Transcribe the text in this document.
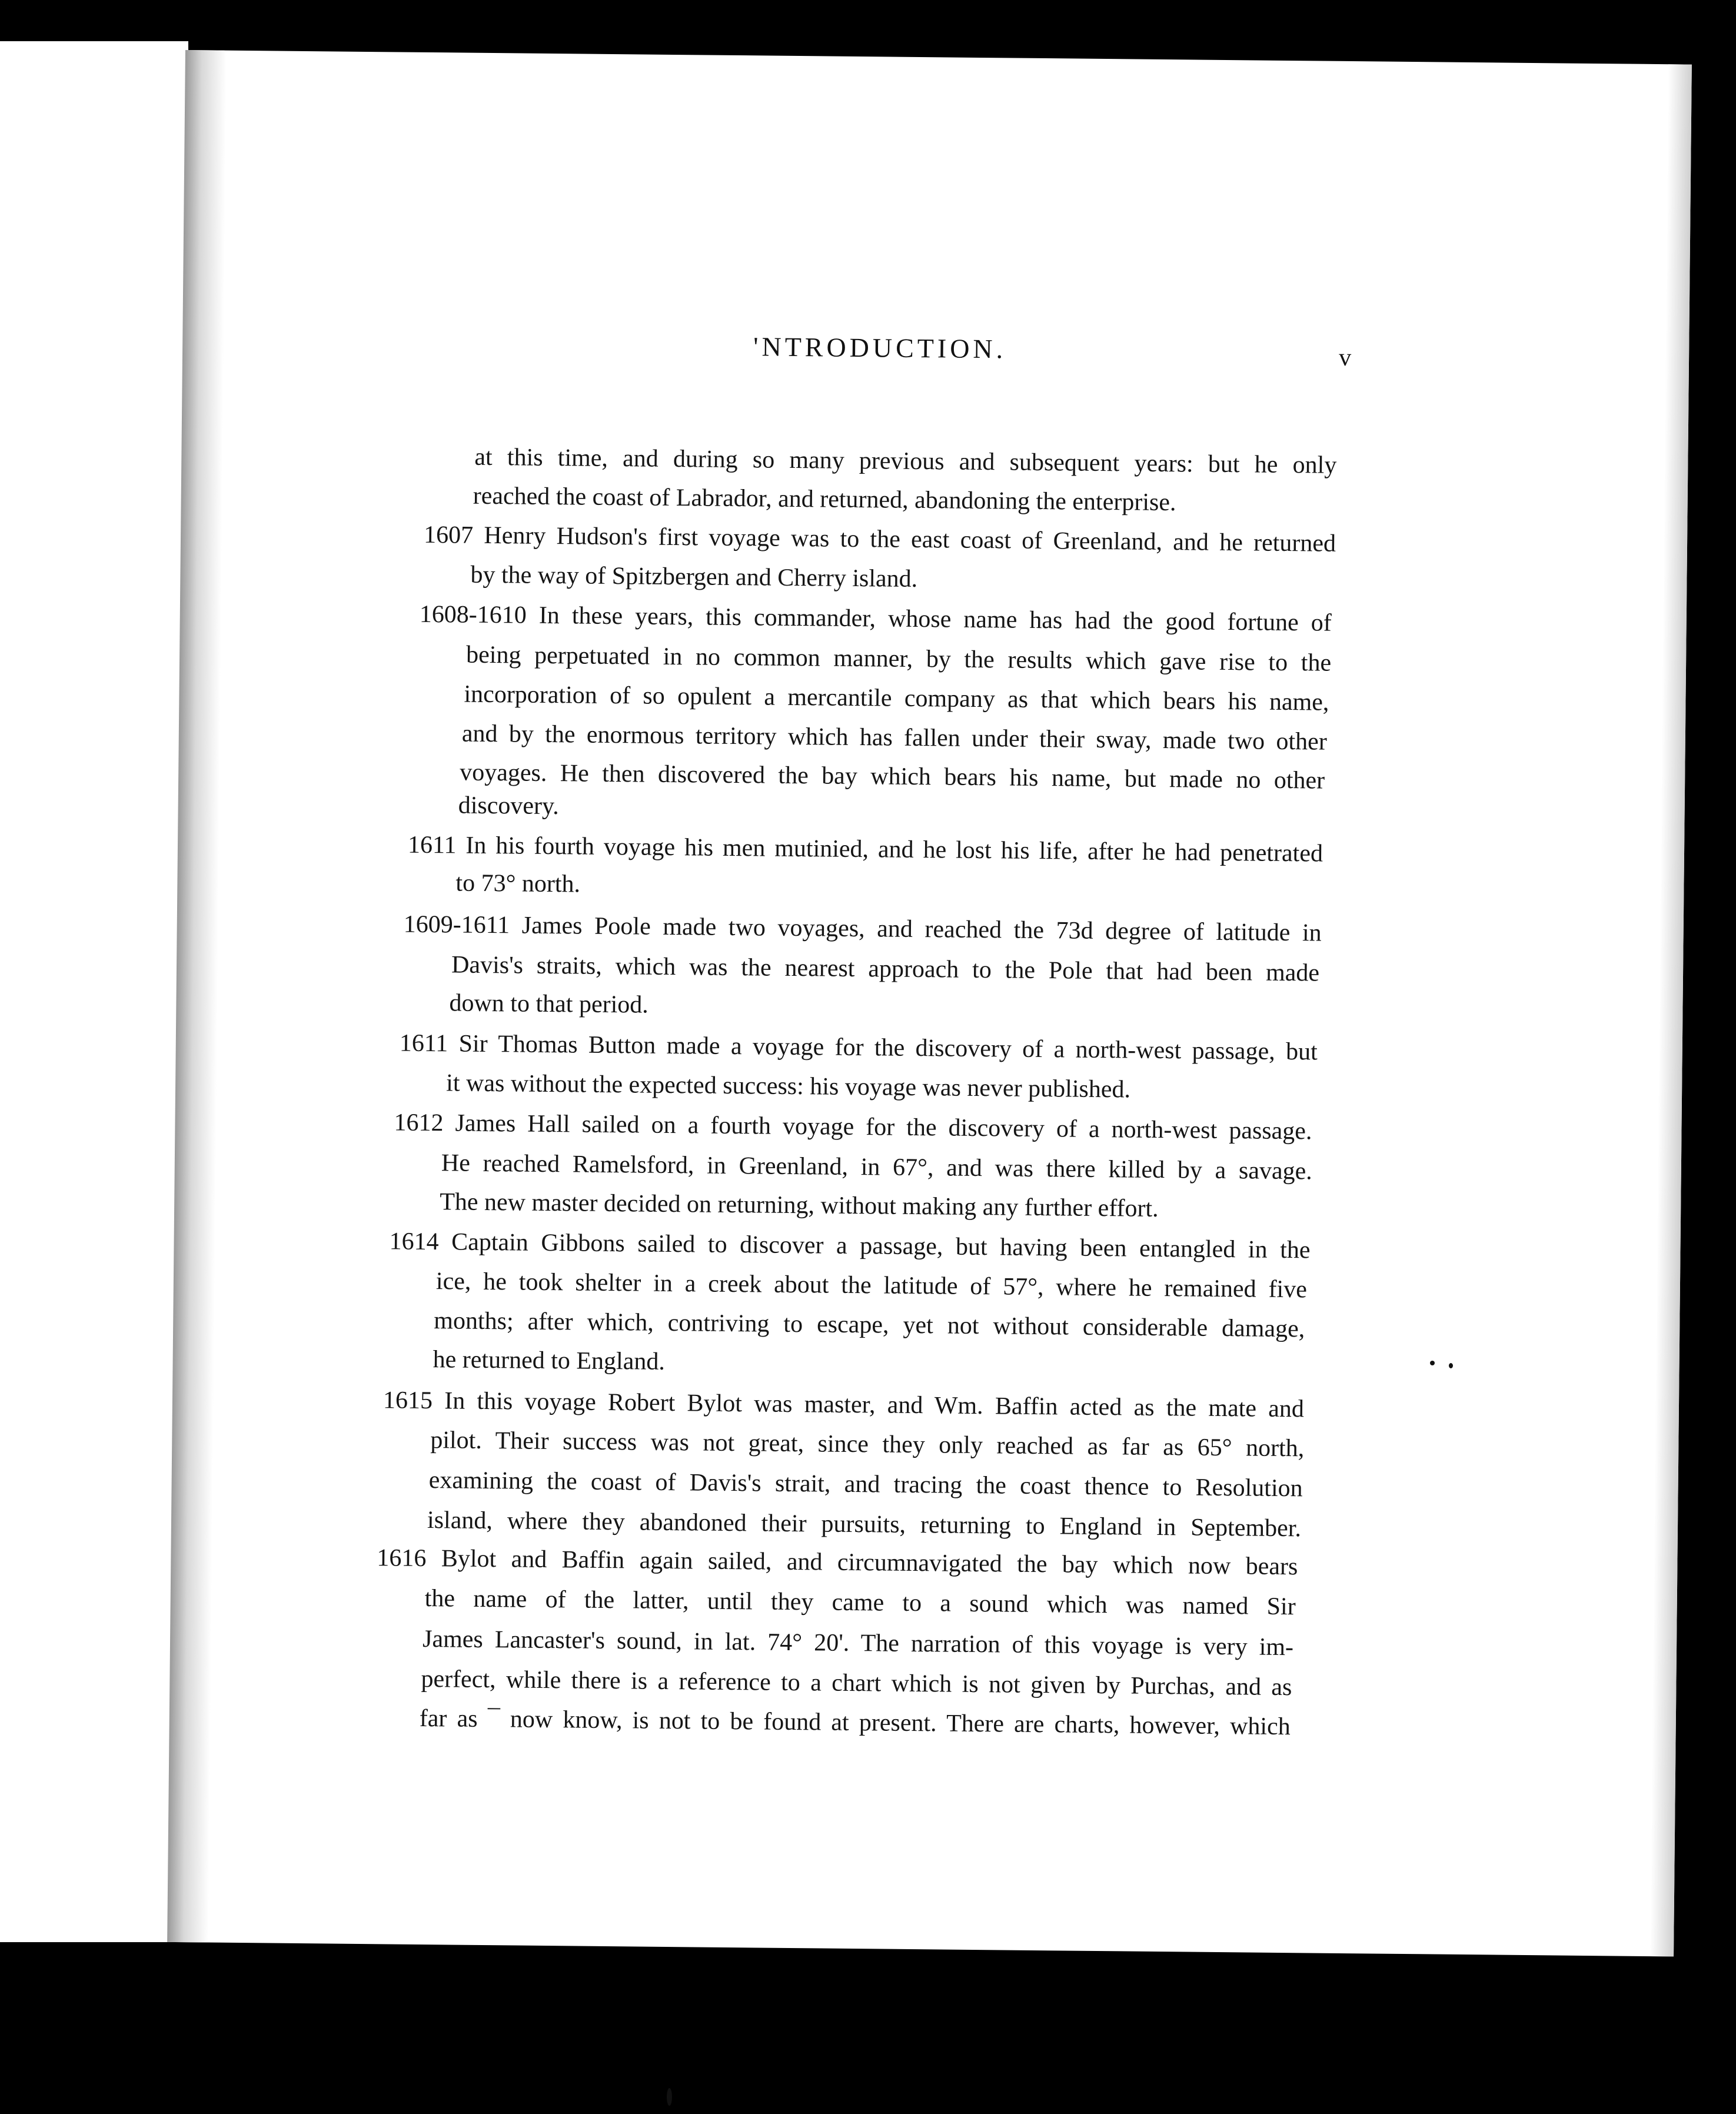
'NTRODUCTION.	v
at this time, and during so many previous and subsequent years: but he only
reached the coast of Labrador, and returned, abandoning the enterprise.
1607 Henry Hudson's first voyage was to the east coast of Greenland, and he returned
by the way of Spitzbergen and Cherry island.
1608-1610 In these years, this commander, whose name has had the good fortune of
being perpetuated in no common manner, by the results which gave rise to the
incorporation of so opulent a mercantile company as that which bears his name,
and by the enormous territory which has fallen under their sway, made two other
voyages. He then discovered the bay which bears his name, but made no other
discovery.
1611 In his fourth voyage his men mutinied, and he lost his life, after he had penetrated
to 73° north.
1609-1611 James Poole made two voyages, and reached the 73d degree of latitude in
Davis's straits, which was the nearest approach to the Pole that had been made
down to that period.
1611 Sir Thomas Button made a voyage for the discovery of a north-west passage, but
it was without the expected success: his voyage was never published.
1612 James Hall sailed on a fourth voyage for the discovery of a north-west passage.
He reached Ramelsford, in Greenland, in 67°, and was there killed by a savage.
The new master decided on returning, without making any further effort.
1614 Captain Gibbons sailed to discover a passage, but having been entangled in the
ice, he took shelter in a creek about the latitude of 57°, where he remained five
months; after which, contriving to escape, yet not without considerable damage,
he returned to England.
1615 In this voyage Robert Bylot was master, and Wm. Baffin acted as the mate and
pilot. Their success was not great, since they only reached as far as 65° north,
examining the coast of Davis's strait, and tracing the coast thence to Resolution
island, where they abandoned their pursuits, returning to England in September.
1616 Bylot and Baffin again sailed, and circumnavigated the bay which now bears
the name of the latter, until they came to a sound which was named Sir
James Lancaster's sound, in lat. 74° 20'. The narration of this voyage is very im-
perfect, while there is a reference to a chart which is not given by Purchas, and as
far as ¯ now know, is not to be found at present. There are charts, however, which
